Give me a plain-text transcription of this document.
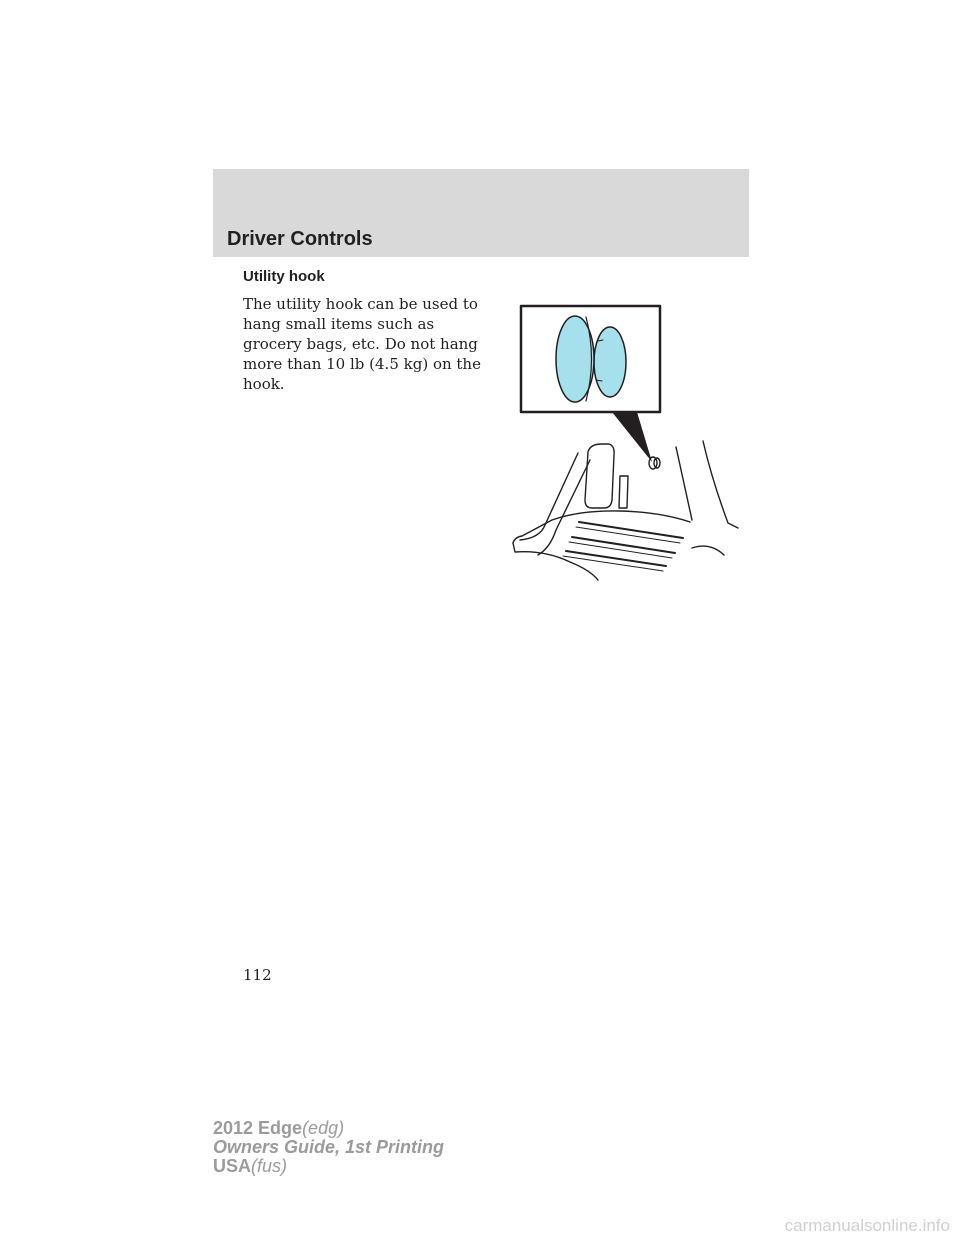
Driver Controls
Utility hook

The utility hook can be used to hang small items such as grocery bags, etc. Do not hang more than 10 lb (4.5 kg) on the hook.

112

2012 Edge(edg)
Owners Guide, 1st Printing
USA(fus)

carmanualsonline.info
